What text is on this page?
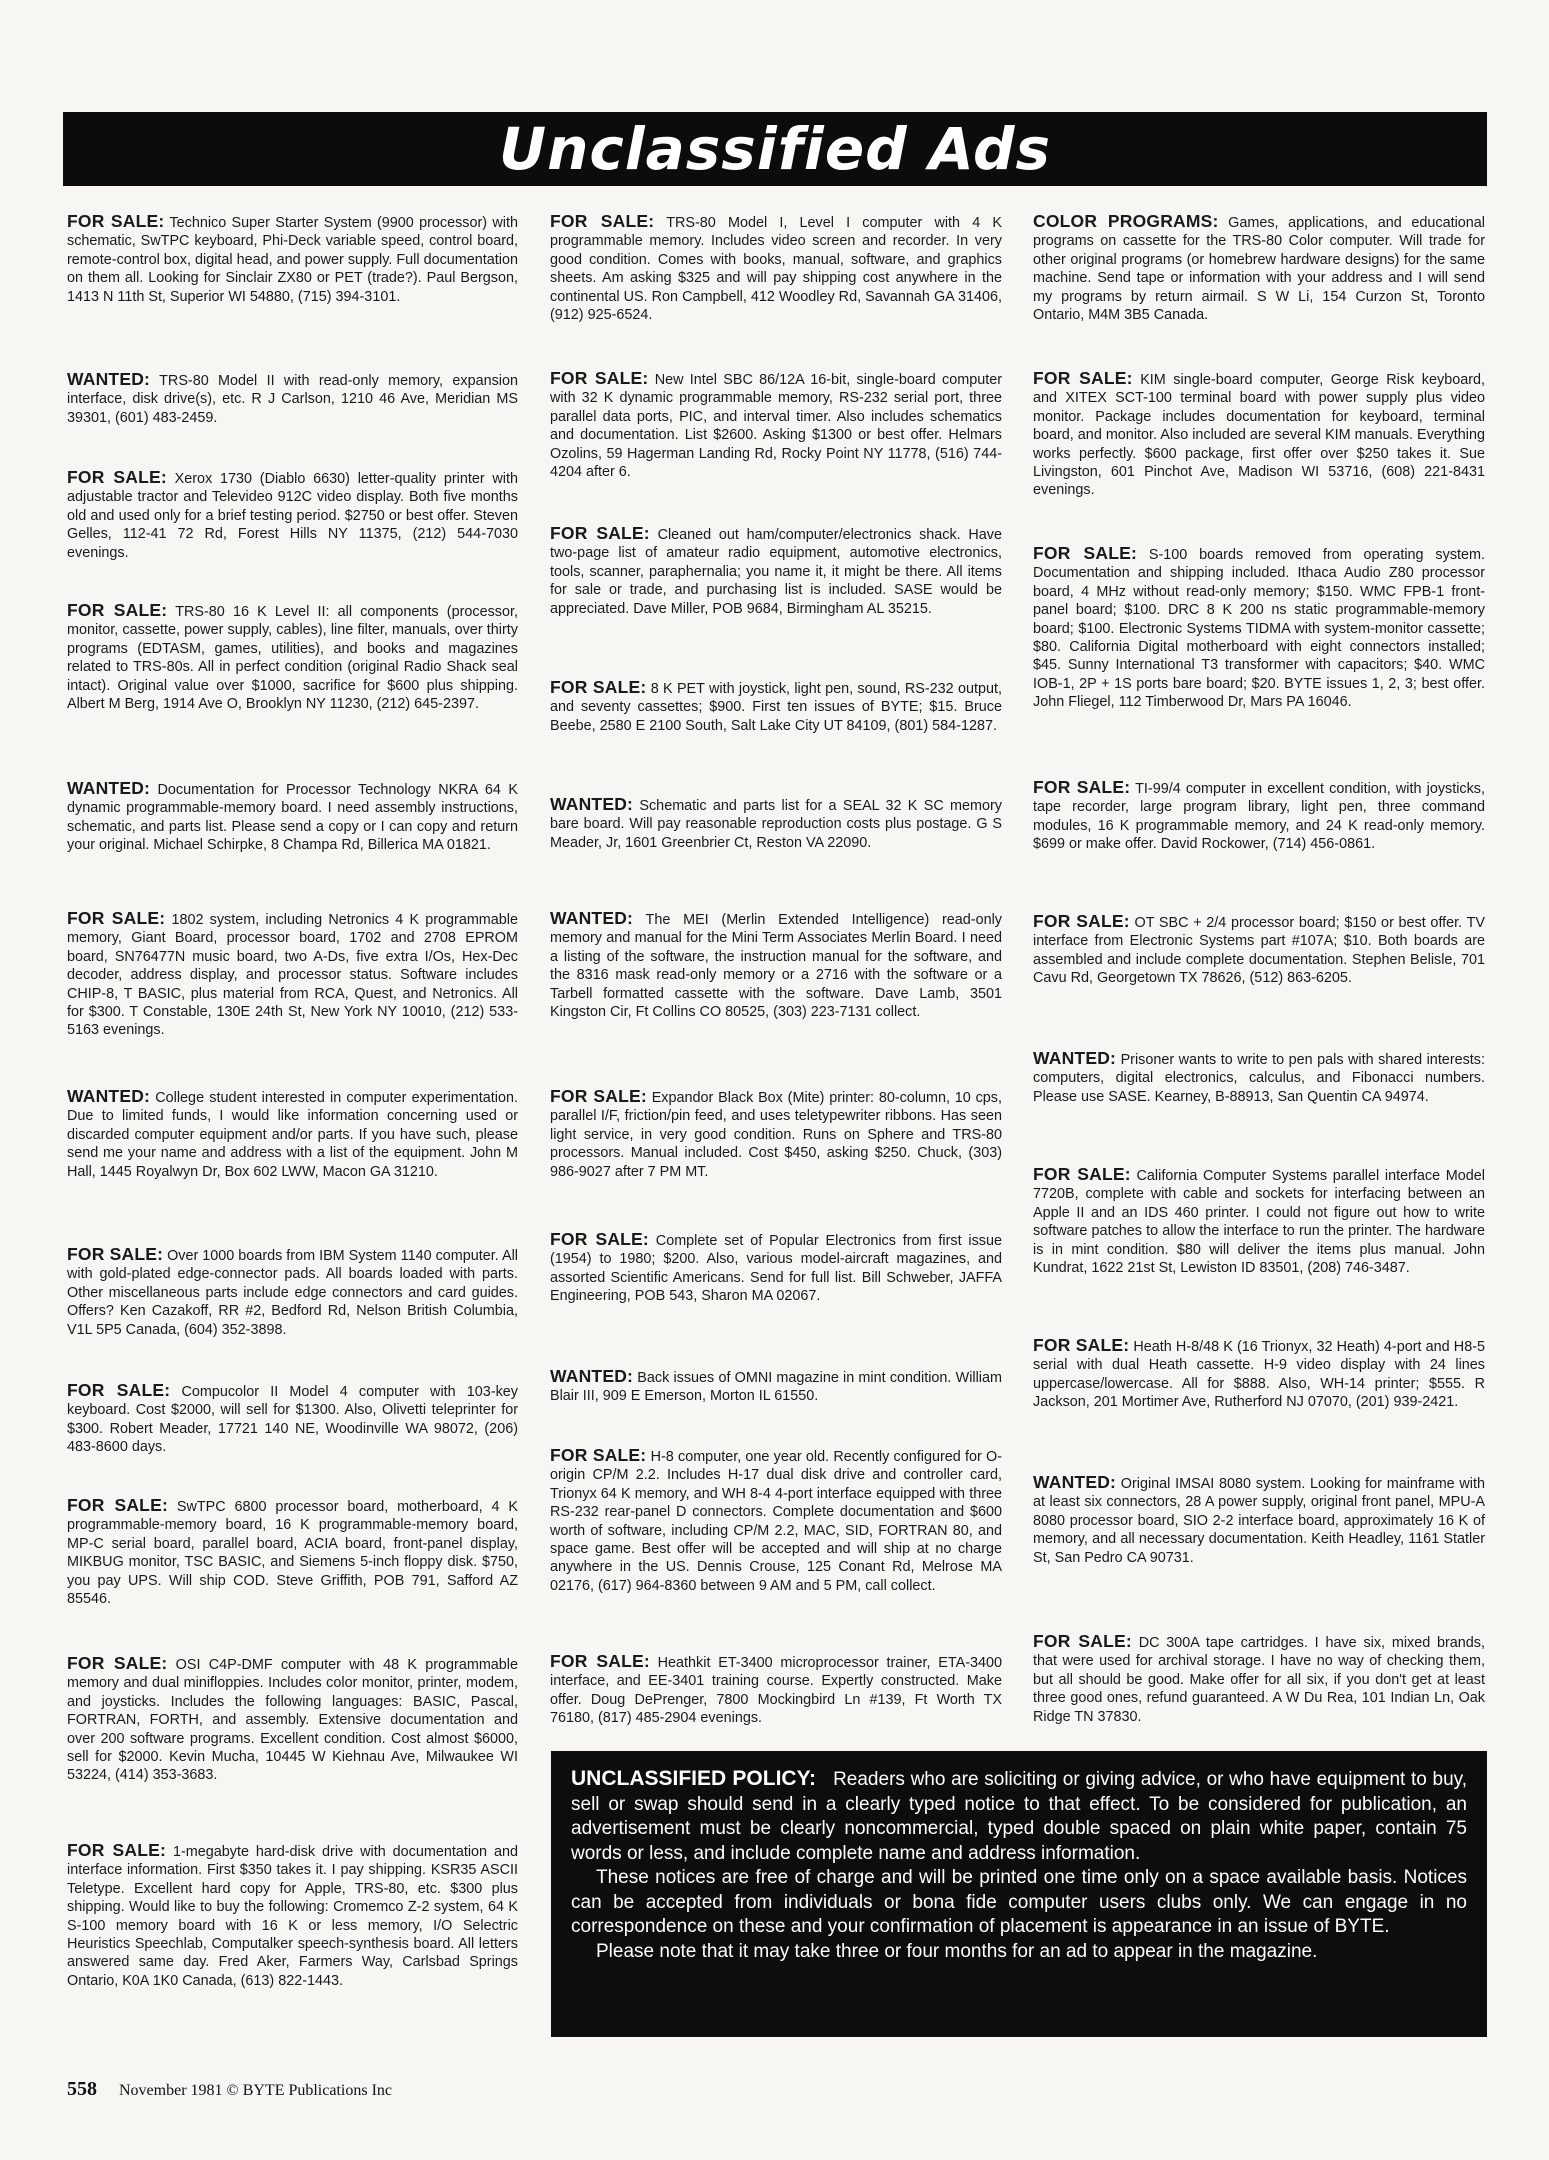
Unclassified Ads

FOR SALE: Technico Super Starter System (9900 processor) with schematic, SwTPC keyboard, Phi-Deck variable speed, control board, remote-control box, digital head, and power supply. Full documentation on them all. Looking for Sinclair ZX80 or PET (trade?). Paul Bergson, 1413 N 11th St, Superior WI 54880, (715) 394-3101.

WANTED: TRS-80 Model II with read-only memory, expansion interface, disk drive(s), etc. R J Carlson, 1210 46 Ave, Meridian MS 39301, (601) 483-2459.

FOR SALE: Xerox 1730 (Diablo 6630) letter-quality printer with adjustable tractor and Televideo 912C video display. Both five months old and used only for a brief testing period. $2750 or best offer. Steven Gelles, 112-41 72 Rd, Forest Hills NY 11375, (212) 544-7030 evenings.

FOR SALE: TRS-80 16 K Level II: all components (processor, monitor, cassette, power supply, cables), line filter, manuals, over thirty programs (EDTASM, games, utilities), and books and magazines related to TRS-80s. All in perfect condition (original Radio Shack seal intact). Original value over $1000, sacrifice for $600 plus shipping. Albert M Berg, 1914 Ave O, Brooklyn NY 11230, (212) 645-2397.

WANTED: Documentation for Processor Technology NKRA 64 K dynamic programmable-memory board. I need assembly instructions, schematic, and parts list. Please send a copy or I can copy and return your original. Michael Schirpke, 8 Champa Rd, Billerica MA 01821.

FOR SALE: 1802 system, including Netronics 4 K programmable memory, Giant Board, processor board, 1702 and 2708 EPROM board, SN76477N music board, two A-Ds, five extra I/Os, Hex-Dec decoder, address display, and processor status. Software includes CHIP-8, T BASIC, plus material from RCA, Quest, and Netronics. All for $300. T Constable, 130E 24th St, New York NY 10010, (212) 533-5163 evenings.

WANTED: College student interested in computer experimentation. Due to limited funds, I would like information concerning used or discarded computer equipment and/or parts. If you have such, please send me your name and address with a list of the equipment. John M Hall, 1445 Royalwyn Dr, Box 602 LWW, Macon GA 31210.

FOR SALE: Over 1000 boards from IBM System 1140 computer. All with gold-plated edge-connector pads. All boards loaded with parts. Other miscellaneous parts include edge connectors and card guides. Offers? Ken Cazakoff, RR #2, Bedford Rd, Nelson British Columbia, V1L 5P5 Canada, (604) 352-3898.

FOR SALE: Compucolor II Model 4 computer with 103-key keyboard. Cost $2000, will sell for $1300. Also, Olivetti teleprinter for $300. Robert Meader, 17721 140 NE, Woodinville WA 98072, (206) 483-8600 days.

FOR SALE: SwTPC 6800 processor board, motherboard, 4 K programmable-memory board, 16 K programmable-memory board, MP-C serial board, parallel board, ACIA board, front-panel display, MIKBUG monitor, TSC BASIC, and Siemens 5-inch floppy disk. $750, you pay UPS. Will ship COD. Steve Griffith, POB 791, Safford AZ 85546.

FOR SALE: OSI C4P-DMF computer with 48 K programmable memory and dual minifloppies. Includes color monitor, printer, modem, and joysticks. Includes the following languages: BASIC, Pascal, FORTRAN, FORTH, and assembly. Extensive documentation and over 200 software programs. Excellent condition. Cost almost $6000, sell for $2000. Kevin Mucha, 10445 W Kiehnau Ave, Milwaukee WI 53224, (414) 353-3683.

FOR SALE: 1-megabyte hard-disk drive with documentation and interface information. First $350 takes it. I pay shipping. KSR35 ASCII Teletype. Excellent hard copy for Apple, TRS-80, etc. $300 plus shipping. Would like to buy the following: Cromemco Z-2 system, 64 K S-100 memory board with 16 K or less memory, I/O Selectric Heuristics Speechlab, Computalker speech-synthesis board. All letters answered same day. Fred Aker, Farmers Way, Carlsbad Springs Ontario, K0A 1K0 Canada, (613) 822-1443.

FOR SALE: TRS-80 Model I, Level I computer with 4 K programmable memory. Includes video screen and recorder. In very good condition. Comes with books, manual, software, and graphics sheets. Am asking $325 and will pay shipping cost anywhere in the continental US. Ron Campbell, 412 Woodley Rd, Savannah GA 31406, (912) 925-6524.

FOR SALE: New Intel SBC 86/12A 16-bit, single-board computer with 32 K dynamic programmable memory, RS-232 serial port, three parallel data ports, PIC, and interval timer. Also includes schematics and documentation. List $2600. Asking $1300 or best offer. Helmars Ozolins, 59 Hagerman Landing Rd, Rocky Point NY 11778, (516) 744-4204 after 6.

FOR SALE: Cleaned out ham/computer/electronics shack. Have two-page list of amateur radio equipment, automotive electronics, tools, scanner, paraphernalia; you name it, it might be there. All items for sale or trade, and purchasing list is included. SASE would be appreciated. Dave Miller, POB 9684, Birmingham AL 35215.

FOR SALE: 8 K PET with joystick, light pen, sound, RS-232 output, and seventy cassettes; $900. First ten issues of BYTE; $15. Bruce Beebe, 2580 E 2100 South, Salt Lake City UT 84109, (801) 584-1287.

WANTED: Schematic and parts list for a SEAL 32 K SC memory bare board. Will pay reasonable reproduction costs plus postage. G S Meader, Jr, 1601 Greenbrier Ct, Reston VA 22090.

WANTED: The MEI (Merlin Extended Intelligence) read-only memory and manual for the Mini Term Associates Merlin Board. I need a listing of the software, the instruction manual for the software, and the 8316 mask read-only memory or a 2716 with the software or a Tarbell formatted cassette with the software. Dave Lamb, 3501 Kingston Cir, Ft Collins CO 80525, (303) 223-7131 collect.

FOR SALE: Expandor Black Box (Mite) printer: 80-column, 10 cps, parallel I/F, friction/pin feed, and uses teletypewriter ribbons. Has seen light service, in very good condition. Runs on Sphere and TRS-80 processors. Manual included. Cost $450, asking $250. Chuck, (303) 986-9027 after 7 PM MT.

FOR SALE: Complete set of Popular Electronics from first issue (1954) to 1980; $200. Also, various model-aircraft magazines, and assorted Scientific Americans. Send for full list. Bill Schweber, JAFFA Engineering, POB 543, Sharon MA 02067.

WANTED: Back issues of OMNI magazine in mint condition. William Blair III, 909 E Emerson, Morton IL 61550.

FOR SALE: H-8 computer, one year old. Recently configured for O-origin CP/M 2.2. Includes H-17 dual disk drive and controller card, Trionyx 64 K memory, and WH 8-4 4-port interface equipped with three RS-232 rear-panel D connectors. Complete documentation and $600 worth of software, including CP/M 2.2, MAC, SID, FORTRAN 80, and space game. Best offer will be accepted and will ship at no charge anywhere in the US. Dennis Crouse, 125 Conant Rd, Melrose MA 02176, (617) 964-8360 between 9 AM and 5 PM, call collect.

FOR SALE: Heathkit ET-3400 microprocessor trainer, ETA-3400 interface, and EE-3401 training course. Expertly constructed. Make offer. Doug DePrenger, 7800 Mockingbird Ln #139, Ft Worth TX 76180, (817) 485-2904 evenings.

COLOR PROGRAMS: Games, applications, and educational programs on cassette for the TRS-80 Color computer. Will trade for other original programs (or homebrew hardware designs) for the same machine. Send tape or information with your address and I will send my programs by return airmail. S W Li, 154 Curzon St, Toronto Ontario, M4M 3B5 Canada.

FOR SALE: KIM single-board computer, George Risk keyboard, and XITEX SCT-100 terminal board with power supply plus video monitor. Package includes documentation for keyboard, terminal board, and monitor. Also included are several KIM manuals. Everything works perfectly. $600 package, first offer over $250 takes it. Sue Livingston, 601 Pinchot Ave, Madison WI 53716, (608) 221-8431 evenings.

FOR SALE: S-100 boards removed from operating system. Documentation and shipping included. Ithaca Audio Z80 processor board, 4 MHz without read-only memory; $150. WMC FPB-1 front-panel board; $100. DRC 8 K 200 ns static programmable-memory board; $100. Electronic Systems TIDMA with system-monitor cassette; $80. California Digital motherboard with eight connectors installed; $45. Sunny International T3 transformer with capacitors; $40. WMC IOB-1, 2P + 1S ports bare board; $20. BYTE issues 1, 2, 3; best offer. John Fliegel, 112 Timberwood Dr, Mars PA 16046.

FOR SALE: TI-99/4 computer in excellent condition, with joysticks, tape recorder, large program library, light pen, three command modules, 16 K programmable memory, and 24 K read-only memory. $699 or make offer. David Rockower, (714) 456-0861.

FOR SALE: OT SBC + 2/4 processor board; $150 or best offer. TV interface from Electronic Systems part #107A; $10. Both boards are assembled and include complete documentation. Stephen Belisle, 701 Cavu Rd, Georgetown TX 78626, (512) 863-6205.

WANTED: Prisoner wants to write to pen pals with shared interests: computers, digital electronics, calculus, and Fibonacci numbers. Please use SASE. Kearney, B-88913, San Quentin CA 94974.

FOR SALE: California Computer Systems parallel interface Model 7720B, complete with cable and sockets for interfacing between an Apple II and an IDS 460 printer. I could not figure out how to write software patches to allow the interface to run the printer. The hardware is in mint condition. $80 will deliver the items plus manual. John Kundrat, 1622 21st St, Lewiston ID 83501, (208) 746-3487.

FOR SALE: Heath H-8/48 K (16 Trionyx, 32 Heath) 4-port and H8-5 serial with dual Heath cassette. H-9 video display with 24 lines uppercase/lowercase. All for $888. Also, WH-14 printer; $555. R Jackson, 201 Mortimer Ave, Rutherford NJ 07070, (201) 939-2421.

WANTED: Original IMSAI 8080 system. Looking for mainframe with at least six connectors, 28 A power supply, original front panel, MPU-A 8080 processor board, SIO 2-2 interface board, approximately 16 K of memory, and all necessary documentation. Keith Headley, 1161 Statler St, San Pedro CA 90731.

FOR SALE: DC 300A tape cartridges. I have six, mixed brands, that were used for archival storage. I have no way of checking them, but all should be good. Make offer for all six, if you don't get at least three good ones, refund guaranteed. A W Du Rea, 101 Indian Ln, Oak Ridge TN 37830.

UNCLASSIFIED POLICY: Readers who are soliciting or giving advice, or who have equipment to buy, sell or swap should send in a clearly typed notice to that effect. To be considered for publication, an advertisement must be clearly noncommercial, typed double spaced on plain white paper, contain 75 words or less, and include complete name and address information.

These notices are free of charge and will be printed one time only on a space available basis. Notices can be accepted from individuals or bona fide computer users clubs only. We can engage in no correspondence on these and your confirmation of placement is appearance in an issue of BYTE.

Please note that it may take three or four months for an ad to appear in the magazine.

558 November 1981 © BYTE Publications Inc
